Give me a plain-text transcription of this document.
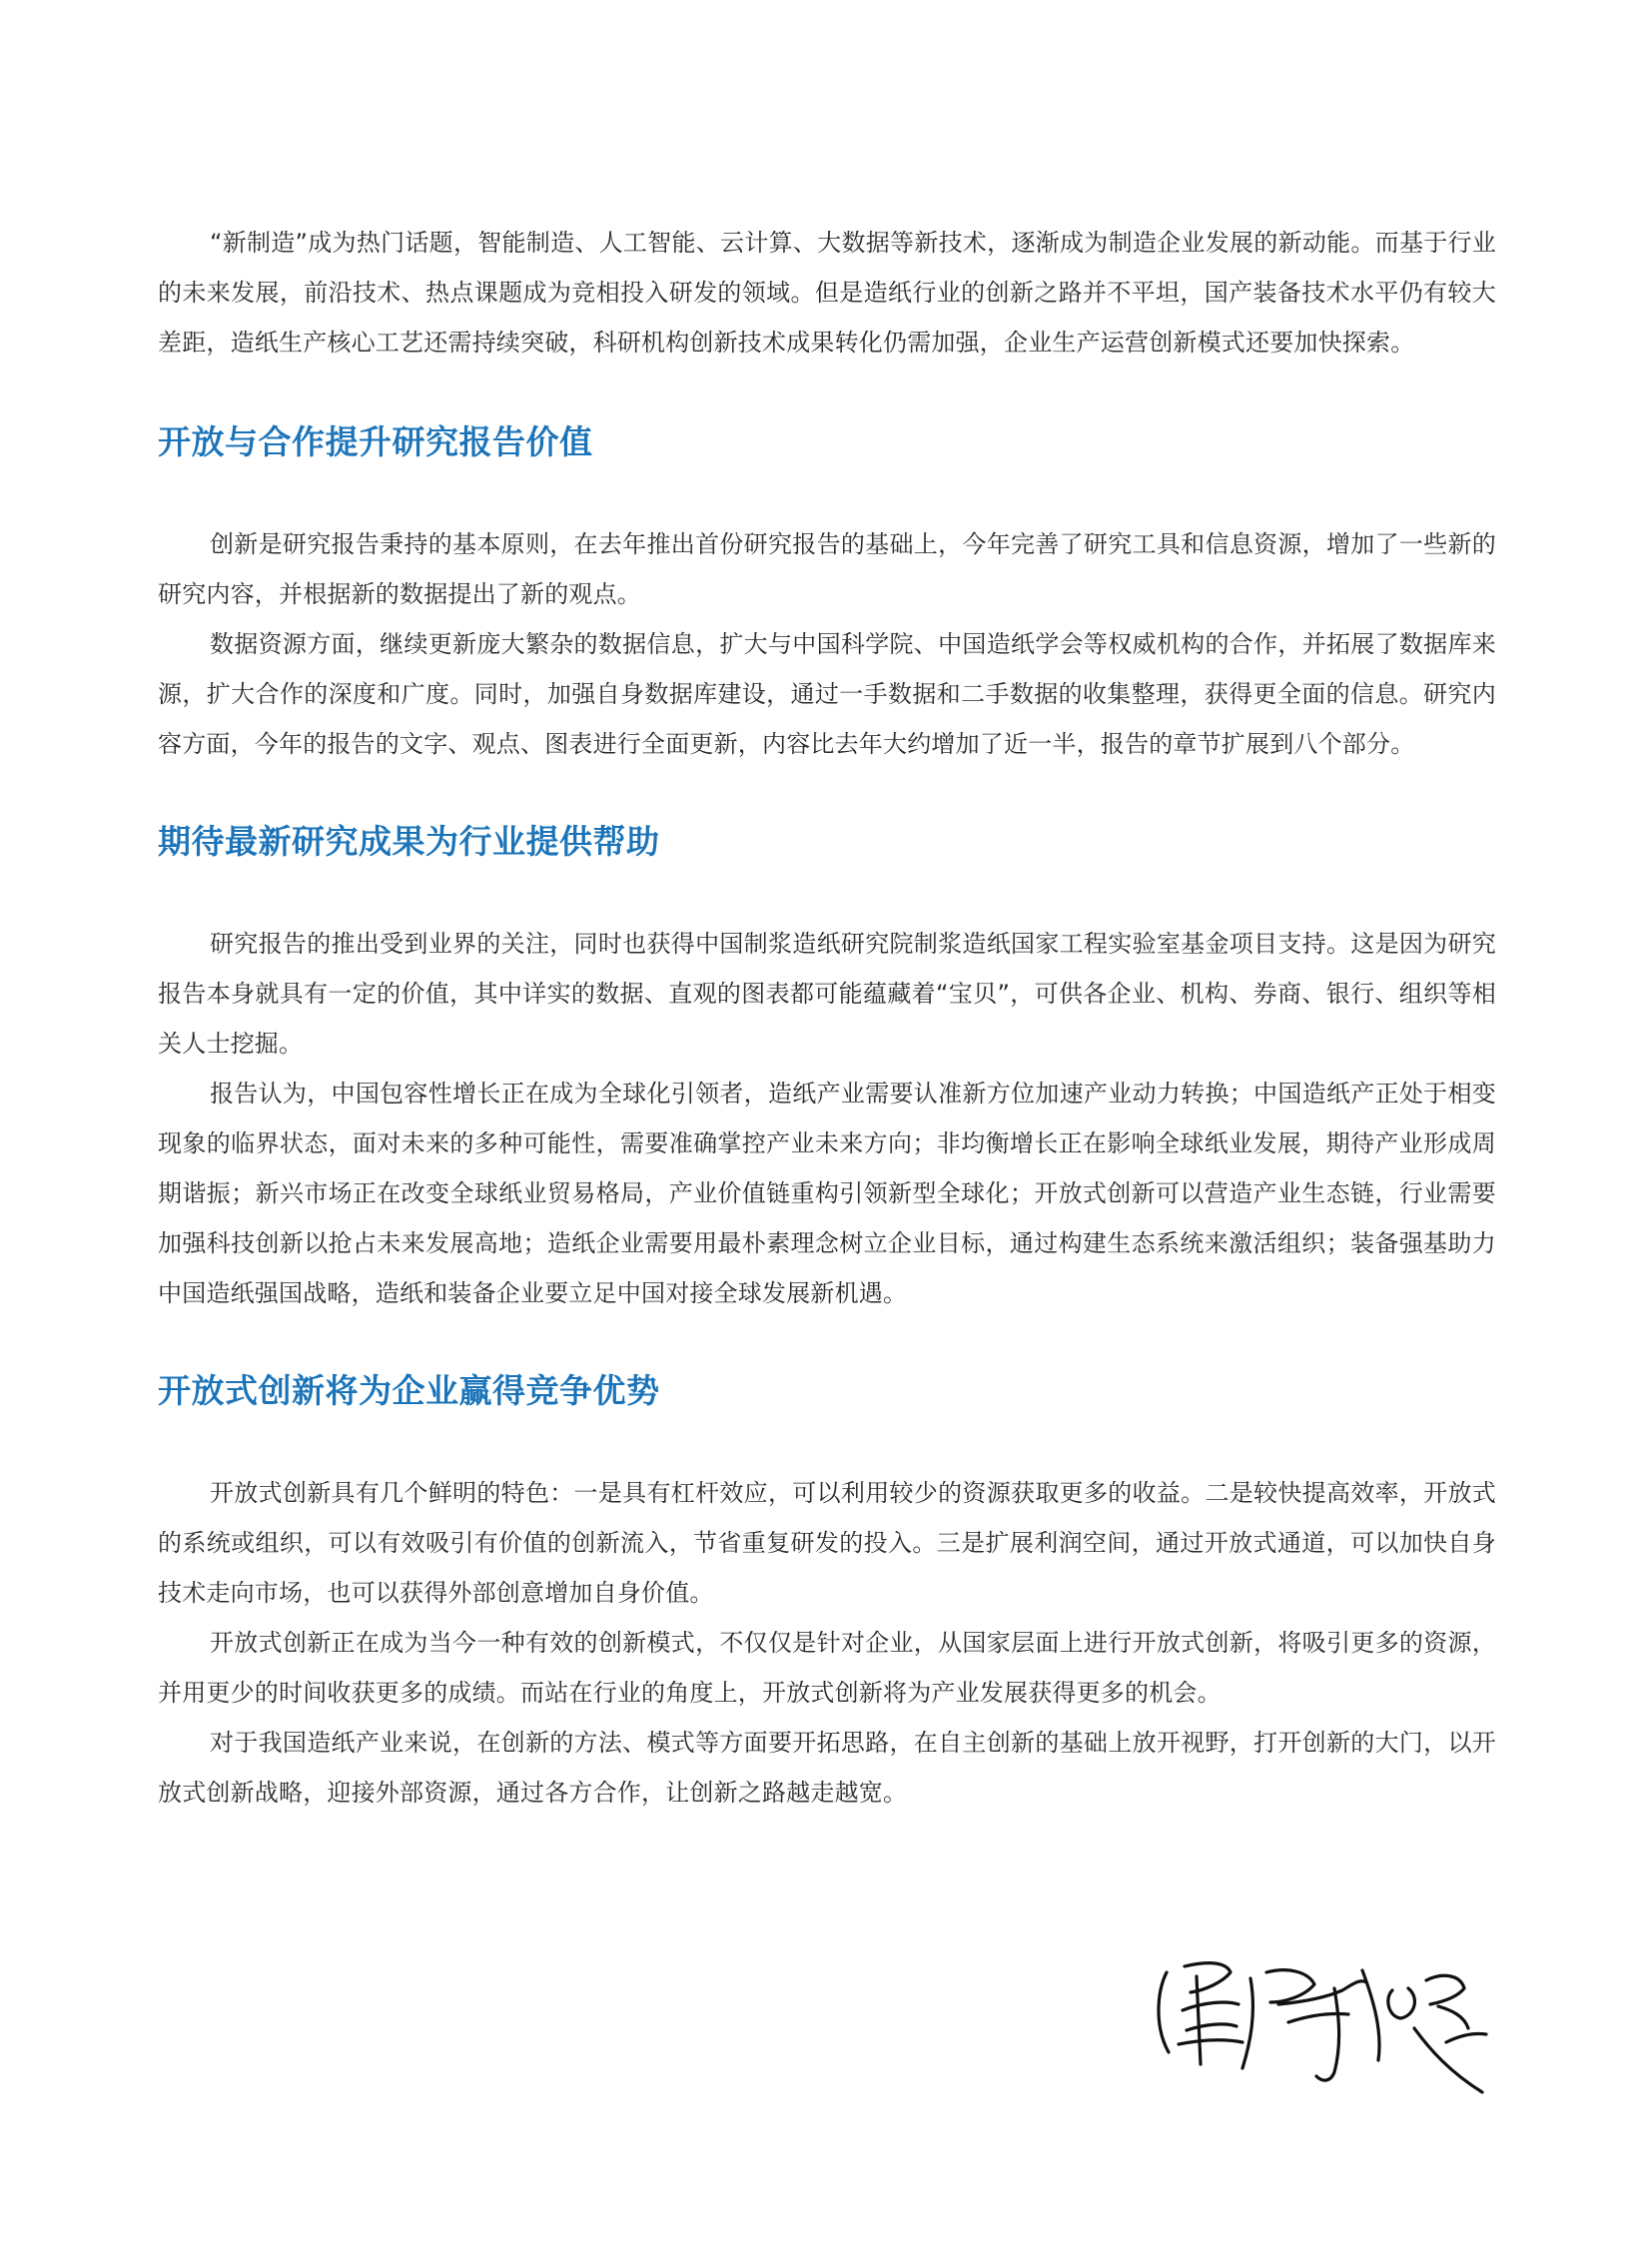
“新制造”成为热门话题，智能制造、人工智能、云计算、大数据等新技术，逐渐成为制造企业发展的新动能。而基于行业的未来发展，前沿技术、热点课题成为竞相投入研发的领域。但是造纸行业的创新之路并不平坦，国产装备技术水平仍有较大差距，造纸生产核心工艺还需持续突破，科研机构创新技术成果转化仍需加强，企业生产运营创新模式还要加快探索。

开放与合作提升研究报告价值

创新是研究报告秉持的基本原则，在去年推出首份研究报告的基础上，今年完善了研究工具和信息资源，增加了一些新的研究内容，并根据新的数据提出了新的观点。

数据资源方面，继续更新庞大繁杂的数据信息，扩大与中国科学院、中国造纸学会等权威机构的合作，并拓展了数据库来源，扩大合作的深度和广度。同时，加强自身数据库建设，通过一手数据和二手数据的收集整理，获得更全面的信息。研究内容方面，今年的报告的文字、观点、图表进行全面更新，内容比去年大约增加了近一半，报告的章节扩展到八个部分。

期待最新研究成果为行业提供帮助

研究报告的推出受到业界的关注，同时也获得中国制浆造纸研究院制浆造纸国家工程实验室基金项目支持。这是因为研究报告本身就具有一定的价值，其中详实的数据、直观的图表都可能蕴藏着“宝贝”，可供各企业、机构、券商、银行、组织等相关人士挖掘。

报告认为，中国包容性增长正在成为全球化引领者，造纸产业需要认准新方位加速产业动力转换；中国造纸产正处于相变现象的临界状态，面对未来的多种可能性，需要准确掌控产业未来方向；非均衡增长正在影响全球纸业发展，期待产业形成周期谐振；新兴市场正在改变全球纸业贸易格局，产业价值链重构引领新型全球化；开放式创新可以营造产业生态链，行业需要加强科技创新以抢占未来发展高地；造纸企业需要用最朴素理念树立企业目标，通过构建生态系统来激活组织；装备强基助力中国造纸强国战略，造纸和装备企业要立足中国对接全球发展新机遇。

开放式创新将为企业赢得竞争优势

开放式创新具有几个鲜明的特色：一是具有杠杆效应，可以利用较少的资源获取更多的收益。二是较快提高效率，开放式的系统或组织，可以有效吸引有价值的创新流入，节省重复研发的投入。三是扩展利润空间，通过开放式通道，可以加快自身技术走向市场，也可以获得外部创意增加自身价值。

开放式创新正在成为当今一种有效的创新模式，不仅仅是针对企业，从国家层面上进行开放式创新，将吸引更多的资源，并用更少的时间收获更多的成绩。而站在行业的角度上，开放式创新将为产业发展获得更多的机会。

对于我国造纸产业来说，在创新的方法、模式等方面要开拓思路，在自主创新的基础上放开视野，打开创新的大门，以开放式创新战略，迎接外部资源，通过各方合作，让创新之路越走越宽。
